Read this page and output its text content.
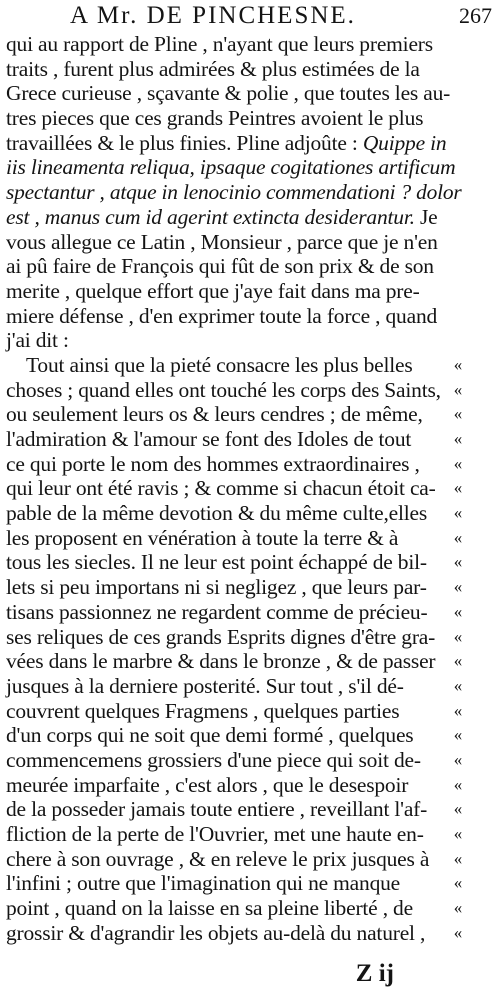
A Mr. DE PINCHESNE.	267
qui au rapport de Pline , n'ayant que leurs premierstraits , furent plus admirées & plus estimées de laGrece curieuse , sçavante & polie , que toutes les au-tres pieces que ces grands Peintres avoient le plustravaillées & le plus finies. Pline adjoûte : Quippe iniis lineamenta reliqua, ipsaque cogitationes artificumspectantur , atque in lenocinio commendationi ? dolorest , manus cum id agerint extincta desiderantur. Jevous allegue ce Latin , Monsieur , parce que je n'enai pû faire de François qui fût de son prix & de sonmerite , quelque effort que j'aye fait dans ma pre-miere défense , d'en exprimer toute la force , quandj'ai dit :
Tout ainsi que la pieté consacre les plus belles	«
choses ; quand elles ont touché les corps des Saints, «
ou seulement leurs os & leurs cendres ; de même,	«
l'admiration & l'amour se font des Idoles de tout	«
ce qui porte le nom des hommes extraordinaires ,	«
qui leur ont été ravis ; & comme si chacun étoit ca-	«
pable de la même devotion & du même culte,elles	«
les proposent en vénération à toute la terre & à	«
tous les siecles. Il ne leur est point échappé de bil-	«
lets si peu importans ni si negligez , que leurs par-	«
tisans passionnez ne regardent comme de précieu-	«
ses reliques de ces grands Esprits dignes d'être gra-	«
vées dans le marbre & dans le bronze , & de passer	«
jusques à la derniere posterité. Sur tout , s'il dé-	«
couvrent quelques Fragmens , quelques parties	«
d'un corps qui ne soit que demi formé , quelques	«
commencemens grossiers d'une piece qui soit de-	«
meurée imparfaite , c'est alors , que le desespoir	«
de la posseder jamais toute entiere , reveillant l'af-	«
fliction de la perte de l'Ouvrier, met une haute en-	«
chere à son ouvrage , & en releve le prix jusques à	«
l'infini ; outre que l'imagination qui ne manque	«
point , quand on la laisse en sa pleine liberté , de	«
grossir & d'agrandir les objets au-delà du naturel ,	«
Z ij
